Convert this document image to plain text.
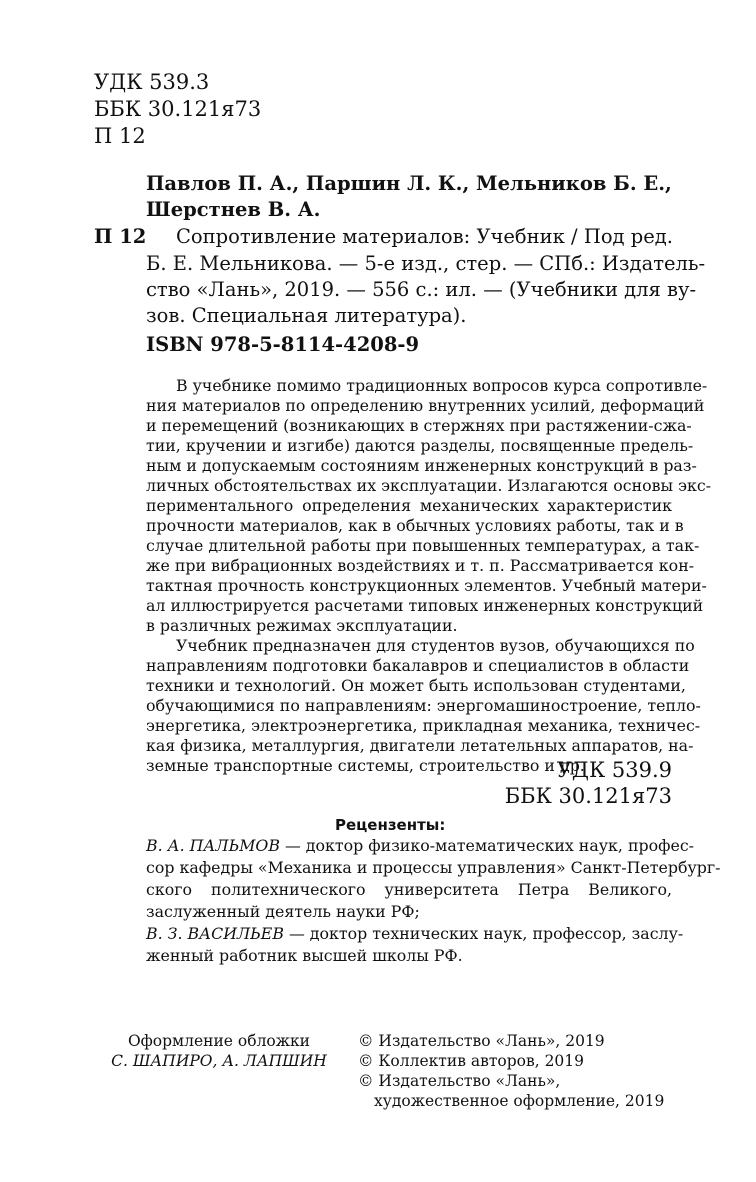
УДК 539.3
ББК 30.121я73
П 12
Павлов П. А., Паршин Л. К., Мельников Б. Е.,
Шерстнев В. А.
П 12 Сопротивление материалов: Учебник / Под ред.
Б. Е. Мельникова. — 5-е изд., стер. — СПб.: Издатель-
ство «Лань», 2019. — 556 с.: ил. — (Учебники для ву-
зов. Специальная литература).
ISBN 978-5-8114-4208-9
В учебнике помимо традиционных вопросов курса сопротивле-
ния материалов по определению внутренних усилий, деформаций
и перемещений (возникающих в стержнях при растяжении-сжа-
тии, кручении и изгибе) даются разделы, посвященные предель-
ным и допускаемым состояниям инженерных конструкций в раз-
личных обстоятельствах их эксплуатации. Излагаются основы экс-
периментального определения механических характеристик
прочности материалов, как в обычных условиях работы, так и в
случае длительной работы при повышенных температурах, а так-
же при вибрационных воздействиях и т. п. Рассматривается кон-
тактная прочность конструкционных элементов. Учебный матери-
ал иллюстрируется расчетами типовых инженерных конструкций
в различных режимах эксплуатации.
Учебник предназначен для студентов вузов, обучающихся по
направлениям подготовки бакалавров и специалистов в области
техники и технологий. Он может быть использован студентами,
обучающимися по направлениям: энергомашиностроение, тепло-
энергетика, электроэнергетика, прикладная механика, техничес-
кая физика, металлургия, двигатели летательных аппаратов, на-
земные транспортные системы, строительство и др.
УДК 539.9
ББК 30.121я73
Рецензенты:
В. А. ПАЛЬМОВ — доктор физико-математических наук, профес-
сор кафедры «Механика и процессы управления» Санкт-Петербург-
ского политехнического университета Петра Великого,
заслуженный деятель науки РФ;
В. З. ВАСИЛЬЕВ — доктор технических наук, профессор, заслу-
женный работник высшей школы РФ.
Оформление обложки
С. ШАПИРО, А. ЛАПШИН
© Издательство «Лань», 2019
© Коллектив авторов, 2019
© Издательство «Лань»,
художественное оформление, 2019
